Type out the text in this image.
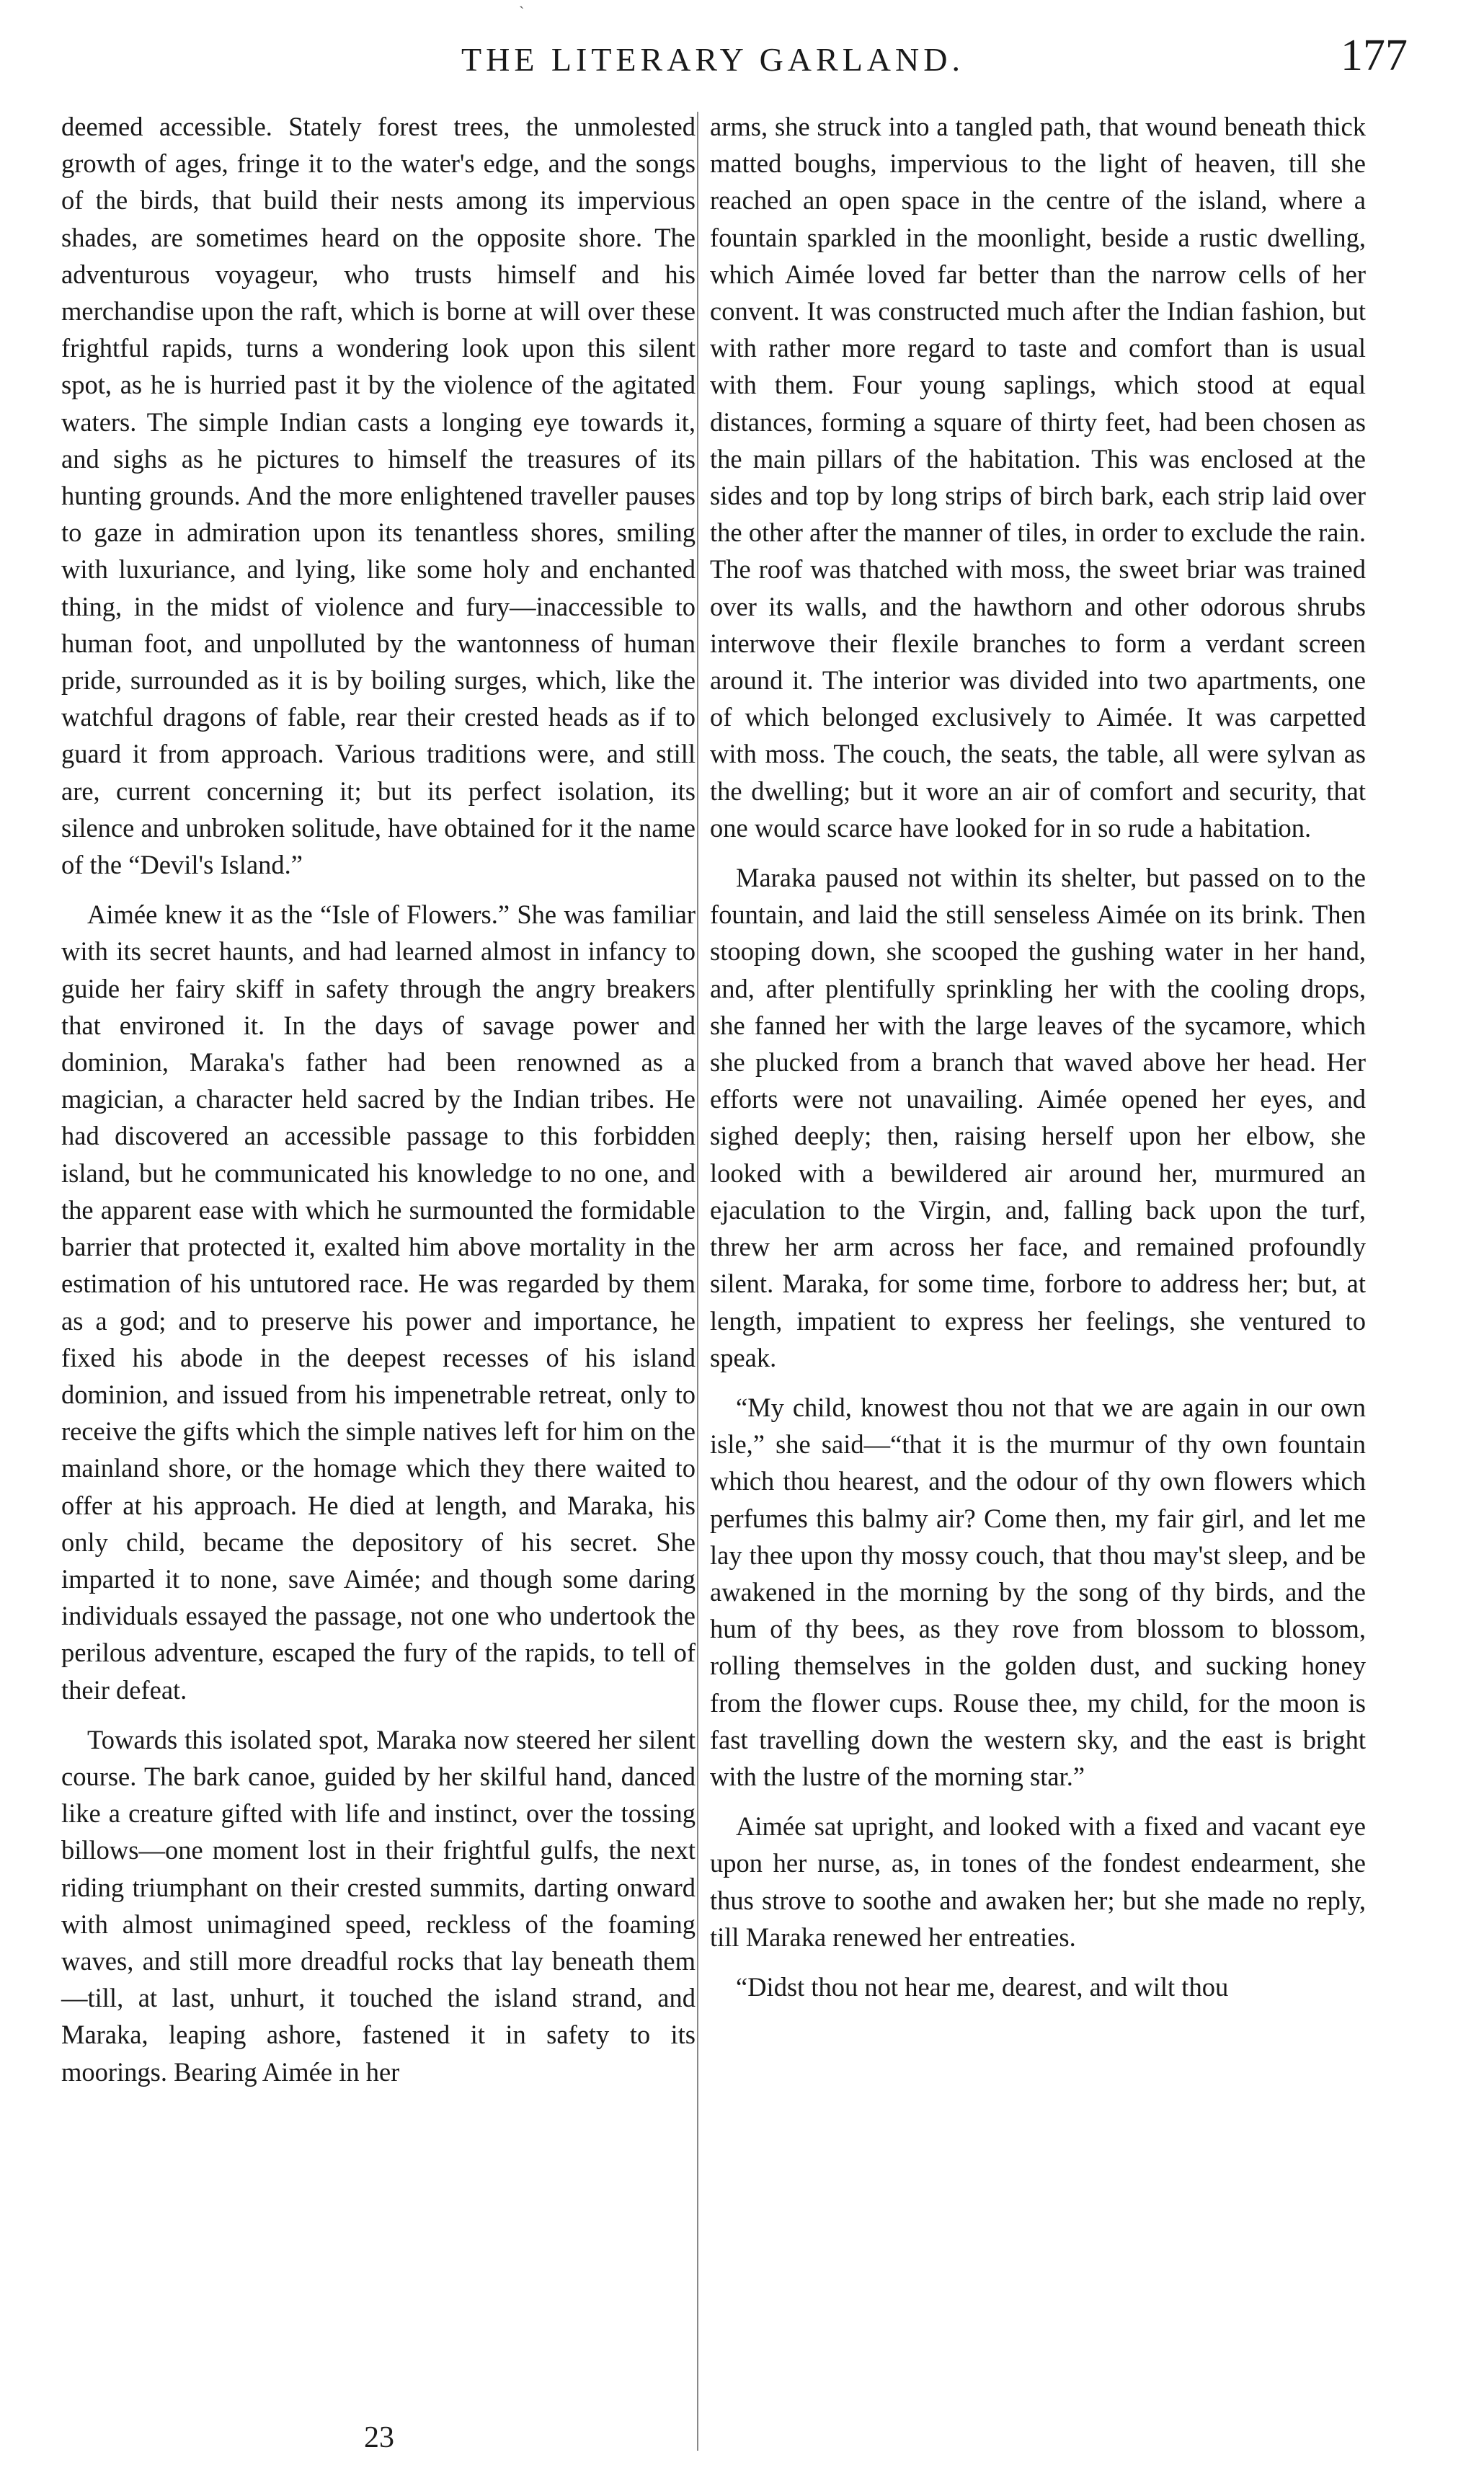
`
THE LITERARY GARLAND.	177

deemed accessible. Stately forest trees, the unmolested growth of ages, fringe it to the water's edge, and the songs of the birds, that build their nests among its impervious shades, are sometimes heard on the opposite shore. The adventurous voyageur, who trusts himself and his merchandise upon the raft, which is borne at will over these frightful rapids, turns a wondering look upon this silent spot, as he is hurried past it by the violence of the agitated waters. The simple Indian casts a longing eye towards it, and sighs as he pictures to himself the treasures of its hunting grounds. And the more enlightened traveller pauses to gaze in admiration upon its tenantless shores, smiling with luxuriance, and lying, like some holy and enchanted thing, in the midst of violence and fury—inaccessible to human foot, and unpolluted by the wantonness of human pride, surrounded as it is by boiling surges, which, like the watchful dragons of fable, rear their crested heads as if to guard it from approach. Various traditions were, and still are, current concerning it; but its perfect isolation, its silence and unbroken solitude, have obtained for it the name of the “Devil's Island.”

Aimée knew it as the “Isle of Flowers.” She was familiar with its secret haunts, and had learned almost in infancy to guide her fairy skiff in safety through the angry breakers that environed it. In the days of savage power and dominion, Maraka's father had been renowned as a magician, a character held sacred by the Indian tribes. He had discovered an accessible passage to this forbidden island, but he communicated his knowledge to no one, and the apparent ease with which he surmounted the formidable barrier that protected it, exalted him above mortality in the estimation of his untutored race. He was regarded by them as a god; and to preserve his power and importance, he fixed his abode in the deepest recesses of his island dominion, and issued from his impenetrable retreat, only to receive the gifts which the simple natives left for him on the mainland shore, or the homage which they there waited to offer at his approach. He died at length, and Maraka, his only child, became the depository of his secret. She imparted it to none, save Aimée; and though some daring individuals essayed the passage, not one who undertook the perilous adventure, escaped the fury of the rapids, to tell of their defeat.

Towards this isolated spot, Maraka now steered her silent course. The bark canoe, guided by her skilful hand, danced like a creature gifted with life and instinct, over the tossing billows—one moment lost in their frightful gulfs, the next riding triumphant on their crested summits, darting onward with almost unimagined speed, reckless of the foaming waves, and still more dreadful rocks that lay beneath them—till, at last, unhurt, it touched the island strand, and Maraka, leaping ashore, fastened it in safety to its moorings. Bearing Aimée in her

arms, she struck into a tangled path, that wound beneath thick matted boughs, impervious to the light of heaven, till she reached an open space in the centre of the island, where a fountain sparkled in the moonlight, beside a rustic dwelling, which Aimée loved far better than the narrow cells of her convent. It was constructed much after the Indian fashion, but with rather more regard to taste and comfort than is usual with them. Four young saplings, which stood at equal distances, forming a square of thirty feet, had been chosen as the main pillars of the habitation. This was enclosed at the sides and top by long strips of birch bark, each strip laid over the other after the manner of tiles, in order to exclude the rain. The roof was thatched with moss, the sweet briar was trained over its walls, and the hawthorn and other odorous shrubs interwove their flexile branches to form a verdant screen around it. The interior was divided into two apartments, one of which belonged exclusively to Aimée. It was carpetted with moss. The couch, the seats, the table, all were sylvan as the dwelling; but it wore an air of comfort and security, that one would scarce have looked for in so rude a habitation.

Maraka paused not within its shelter, but passed on to the fountain, and laid the still senseless Aimée on its brink. Then stooping down, she scooped the gushing water in her hand, and, after plentifully sprinkling her with the cooling drops, she fanned her with the large leaves of the sycamore, which she plucked from a branch that waved above her head. Her efforts were not unavailing. Aimée opened her eyes, and sighed deeply; then, raising herself upon her elbow, she looked with a bewildered air around her, murmured an ejaculation to the Virgin, and, falling back upon the turf, threw her arm across her face, and remained profoundly silent. Maraka, for some time, forbore to address her; but, at length, impatient to express her feelings, she ventured to speak.

“My child, knowest thou not that we are again in our own isle,” she said—“that it is the murmur of thy own fountain which thou hearest, and the odour of thy own flowers which perfumes this balmy air? Come then, my fair girl, and let me lay thee upon thy mossy couch, that thou may'st sleep, and be awakened in the morning by the song of thy birds, and the hum of thy bees, as they rove from blossom to blossom, rolling themselves in the golden dust, and sucking honey from the flower cups. Rouse thee, my child, for the moon is fast travelling down the western sky, and the east is bright with the lustre of the morning star.”

Aimée sat upright, and looked with a fixed and vacant eye upon her nurse, as, in tones of the fondest endearment, she thus strove to soothe and awaken her; but she made no reply, till Maraka renewed her entreaties.

“Didst thou not hear me, dearest, and wilt thou

23
